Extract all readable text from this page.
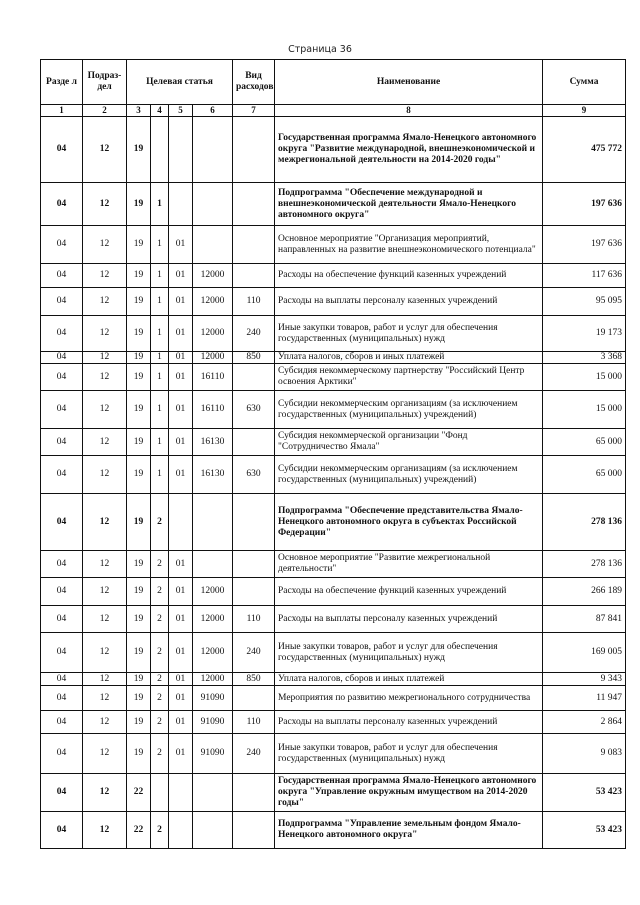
Страница 36
Разде л	Подраз- дел	Целевая статья				Вид расходов	Наименование	Сумма
1	2	3	4	5	6	7	8	9
04	12	19					Государственная программа Ямало-Ненецкого автономного округа "Развитие международной, внешнеэкономической и межрегиональной деятельности на 2014-2020 годы"	475 772
04	12	19	1				Подпрограмма "Обеспечение международной и внешнеэкономической деятельности Ямало-Ненецкого автономного округа"	197 636
04	12	19	1	01			Основное мероприятие "Организация мероприятий, направленных на развитие внешнеэкономического потенциала"	197 636
04	12	19	1	01	12000		Расходы на обеспечение функций казенных учреждений	117 636
04	12	19	1	01	12000	110	Расходы на выплаты персоналу казенных учреждений	95 095
04	12	19	1	01	12000	240	Иные закупки товаров, работ и услуг для обеспечения государственных (муниципальных) нужд	19 173
04	12	19	1	01	12000	850	Уплата налогов, сборов и иных платежей	3 368
04	12	19	1	01	16110		Субсидия некоммерческому партнерству "Российский Центр освоения Арктики"	15 000
04	12	19	1	01	16110	630	Субсидии некоммерческим организациям (за исключением государственных (муниципальных) учреждений)	15 000
04	12	19	1	01	16130		Субсидия некоммерческой организации "Фонд "Сотрудничество Ямала"	65 000
04	12	19	1	01	16130	630	Субсидии некоммерческим организациям (за исключением государственных (муниципальных) учреждений)	65 000
04	12	19	2				Подпрограмма "Обеспечение представительства Ямало-Ненецкого автономного округа в субъектах Российской Федерации"	278 136
04	12	19	2	01			Основное мероприятие "Развитие межрегиональной деятельности"	278 136
04	12	19	2	01	12000		Расходы на обеспечение функций казенных учреждений	266 189
04	12	19	2	01	12000	110	Расходы на выплаты персоналу казенных учреждений	87 841
04	12	19	2	01	12000	240	Иные закупки товаров, работ и услуг для обеспечения государственных (муниципальных) нужд	169 005
04	12	19	2	01	12000	850	Уплата налогов, сборов и иных платежей	9 343
04	12	19	2	01	91090		Мероприятия по развитию межрегионального сотрудничества	11 947
04	12	19	2	01	91090	110	Расходы на выплаты персоналу казенных учреждений	2 864
04	12	19	2	01	91090	240	Иные закупки товаров, работ и услуг для обеспечения государственных (муниципальных) нужд	9 083
04	12	22					Государственная программа Ямало-Ненецкого автономного округа "Управление окружным имуществом на 2014-2020 годы"	53 423
04	12	22	2				Подпрограмма "Управление земельным фондом Ямало-Ненецкого автономного округа"	53 423
